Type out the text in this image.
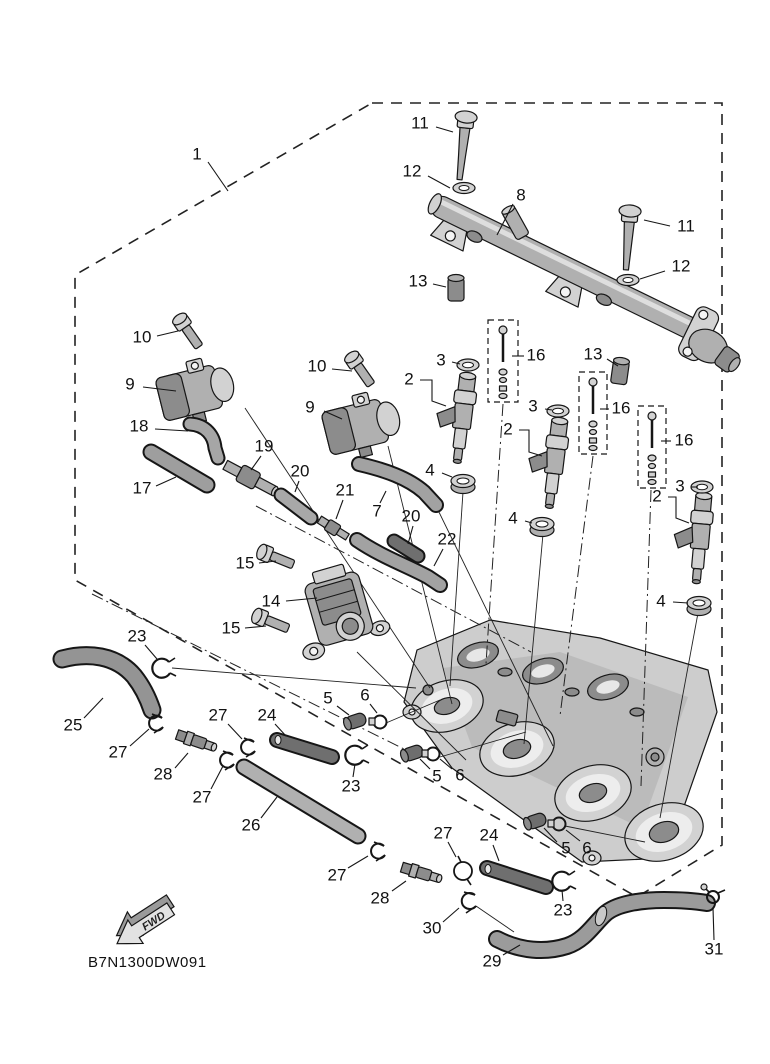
FWD
B7N1300DW091
1
11
12
8
11
12
13
13
10
9
18
19
17
10
9
3
2
16
3
2
16
16
3
2
4
4
4
20
21
7 20
22
15
14
15
23
25
27
28
27 24
23
26
27
5 6
5 6
5 6
23
27
28
27 24
30
29
31
